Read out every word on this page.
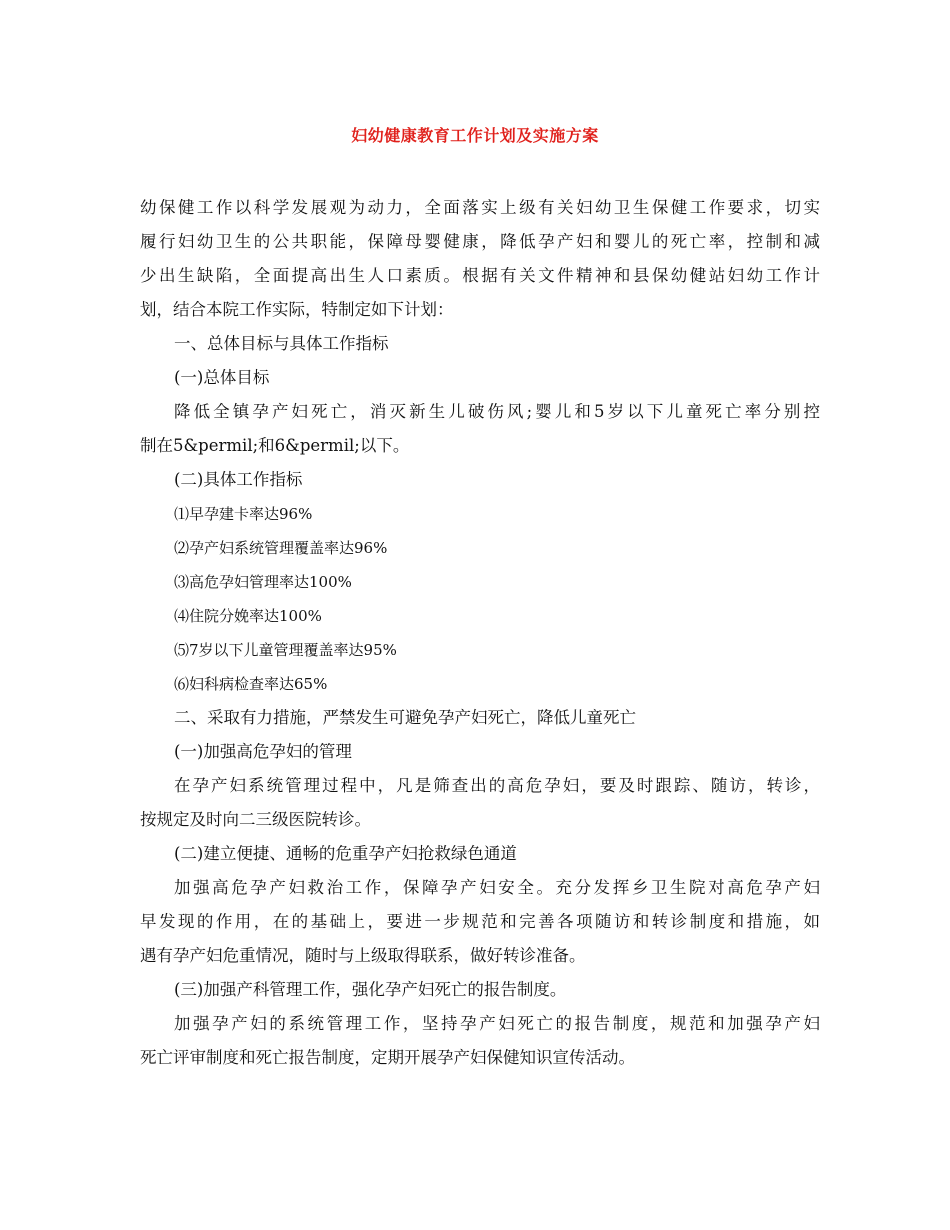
妇幼健康教育工作计划及实施方案
幼保健工作以科学发展观为动力，全面落实上级有关妇幼卫生保健工作要求，切实
履行妇幼卫生的公共职能，保障母婴健康，降低孕产妇和婴儿的死亡率，控制和减
少出生缺陷，全面提高出生人口素质。根据有关文件精神和县保幼健站妇幼工作计
划，结合本院工作实际，特制定如下计划：
一、总体目标与具体工作指标
(一)总体目标
降低全镇孕产妇死亡，消灭新生儿破伤风;婴儿和5岁以下儿童死亡率分别控
制在5&permil;和6&permil;以下。
(二)具体工作指标
⑴早孕建卡率达96%
⑵孕产妇系统管理覆盖率达96%
⑶高危孕妇管理率达100%
⑷住院分娩率达100%
⑸7岁以下儿童管理覆盖率达95%
⑹妇科病检查率达65%
二、采取有力措施，严禁发生可避免孕产妇死亡，降低儿童死亡
(一)加强高危孕妇的管理
在孕产妇系统管理过程中，凡是筛查出的高危孕妇，要及时跟踪、随访，转诊，
按规定及时向二三级医院转诊。
(二)建立便捷、通畅的危重孕产妇抢救绿色通道
加强高危孕产妇救治工作，保障孕产妇安全。充分发挥乡卫生院对高危孕产妇
早发现的作用，在的基础上，要进一步规范和完善各项随访和转诊制度和措施，如
遇有孕产妇危重情况，随时与上级取得联系，做好转诊准备。
(三)加强产科管理工作，强化孕产妇死亡的报告制度。
加强孕产妇的系统管理工作，坚持孕产妇死亡的报告制度，规范和加强孕产妇
死亡评审制度和死亡报告制度，定期开展孕产妇保健知识宣传活动。
